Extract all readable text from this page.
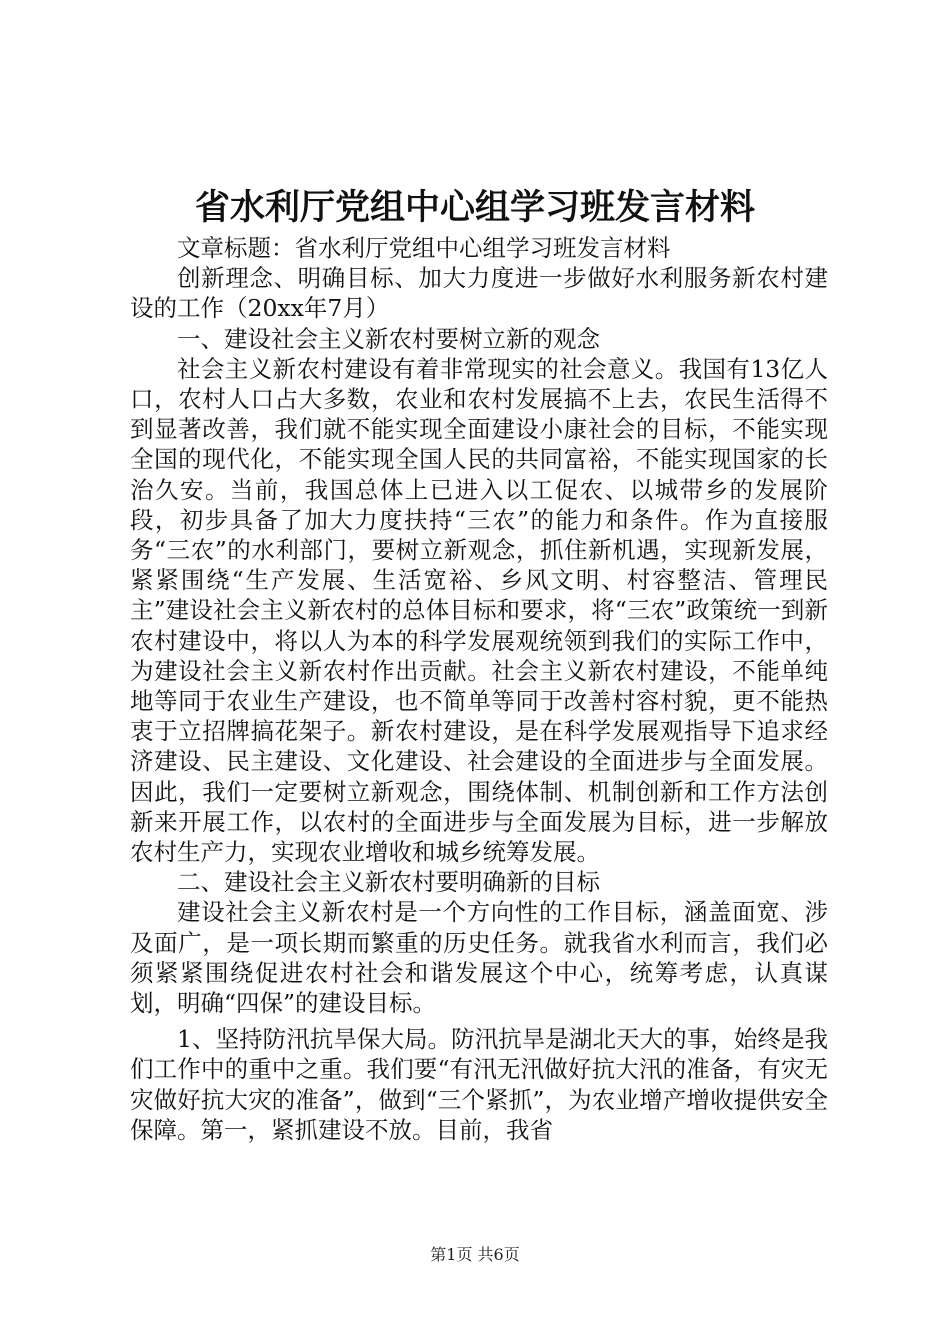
省水利厅党组中心组学习班发言材料

文章标题：省水利厅党组中心组学习班发言材料

创新理念、明确目标、加大力度进一步做好水利服务新农村建设的工作（20xx年7月）

一、建设社会主义新农村要树立新的观念

社会主义新农村建设有着非常现实的社会意义。我国有13亿人口，农村人口占大多数，农业和农村发展搞不上去，农民生活得不到显著改善，我们就不能实现全面建设小康社会的目标，不能实现全国的现代化，不能实现全国人民的共同富裕，不能实现国家的长治久安。当前，我国总体上已进入以工促农、以城带乡的发展阶段，初步具备了加大力度扶持“三农”的能力和条件。作为直接服务“三农”的水利部门，要树立新观念，抓住新机遇，实现新发展，紧紧围绕“生产发展、生活宽裕、乡风文明、村容整洁、管理民主”建设社会主义新农村的总体目标和要求，将“三农”政策统一到新农村建设中，将以人为本的科学发展观统领到我们的实际工作中，为建设社会主义新农村作出贡献。社会主义新农村建设，不能单纯地等同于农业生产建设，也不简单等同于改善村容村貌，更不能热衷于立招牌搞花架子。新农村建设，是在科学发展观指导下追求经济建设、民主建设、文化建设、社会建设的全面进步与全面发展。因此，我们一定要树立新观念，围绕体制、机制创新和工作方法创新来开展工作，以农村的全面进步与全面发展为目标，进一步解放农村生产力，实现农业增收和城乡统筹发展。

二、建设社会主义新农村要明确新的目标

建设社会主义新农村是一个方向性的工作目标，涵盖面宽、涉及面广，是一项长期而繁重的历史任务。就我省水利而言，我们必须紧紧围绕促进农村社会和谐发展这个中心，统筹考虑，认真谋划，明确“四保”的建设目标。

1、坚持防汛抗旱保大局。防汛抗旱是湖北天大的事，始终是我们工作中的重中之重。我们要“有汛无汛做好抗大汛的准备，有灾无灾做好抗大灾的准备”，做到“三个紧抓”，为农业增产增收提供安全保障。第一，紧抓建设不放。目前，我省

第1页 共6页
